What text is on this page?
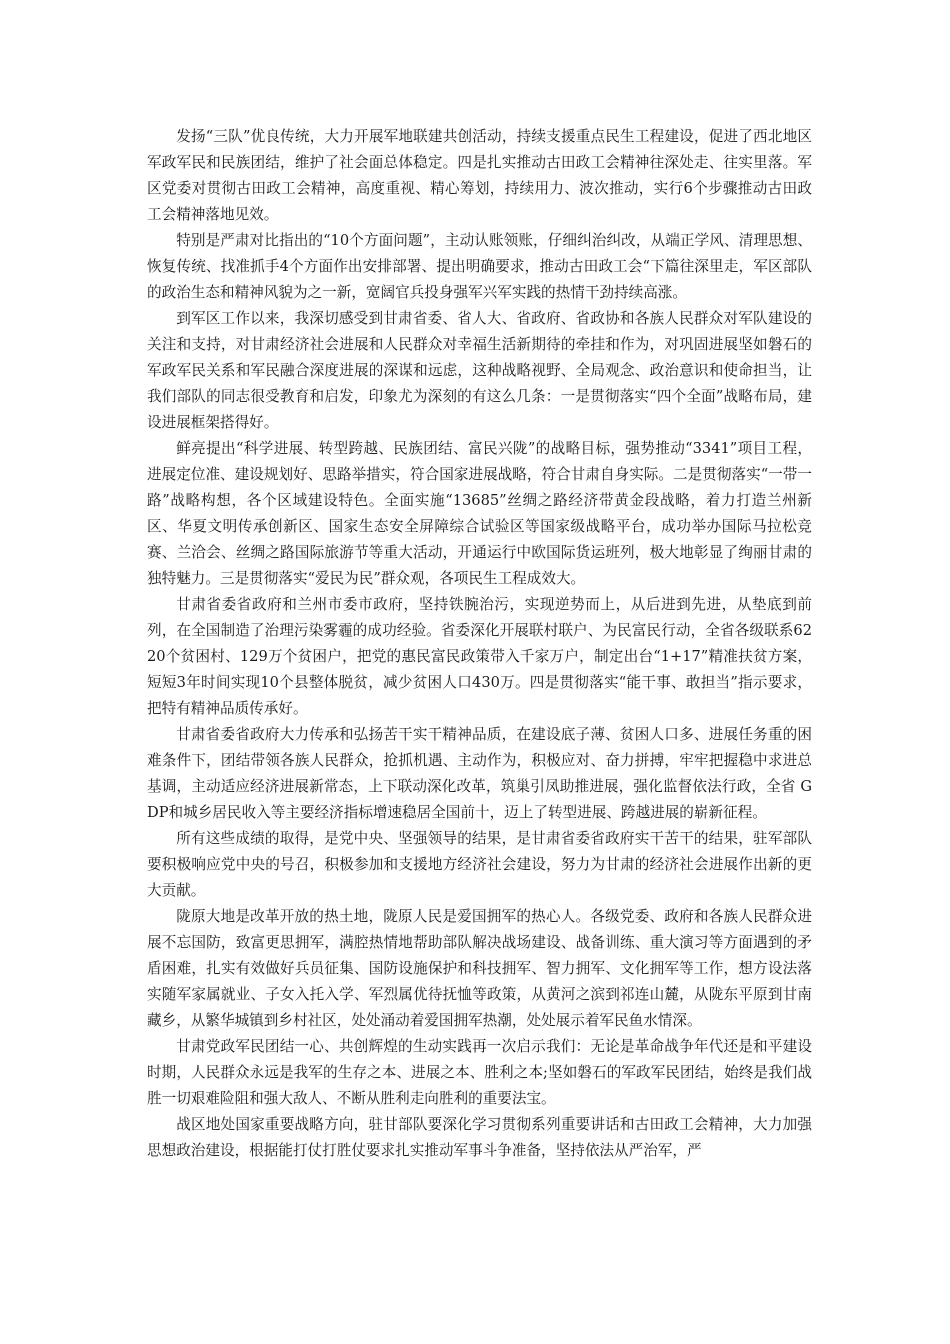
发扬“三队”优良传统，大力开展军地联建共创活动，持续支援重点民生工程建设，促进了西北地区军政军民和民族团结，维护了社会面总体稳定。四是扎实推动古田政工会精神往深处走、往实里落。军区党委对贯彻古田政工会精神，高度重视、精心筹划，持续用力、波次推动，实行6个步骤推动古田政工会精神落地见效。

特别是严肃对比指出的“10个方面问题”，主动认账领账，仔细纠治纠改，从端正学风、清理思想、恢复传统、找准抓手4个方面作出安排部署、提出明确要求，推动古田政工会“下篇往深里走，军区部队的政治生态和精神风貌为之一新，宽阔官兵投身强军兴军实践的热情干劲持续高涨。

到军区工作以来，我深切感受到甘肃省委、省人大、省政府、省政协和各族人民群众对军队建设的关注和支持，对甘肃经济社会进展和人民群众对幸福生活新期待的牵挂和作为，对巩固进展坚如磐石的军政军民关系和军民融合深度进展的深谋和远虑，这种战略视野、全局观念、政治意识和使命担当，让我们部队的同志很受教育和启发，印象尤为深刻的有这么几条：一是贯彻落实“四个全面”战略布局，建设进展框架搭得好。

鲜亮提出“科学进展、转型跨越、民族团结、富民兴陇”的战略目标，强势推动“3341”项目工程，进展定位准、建设规划好、思路举措实，符合国家进展战略，符合甘肃自身实际。二是贯彻落实“一带一路”战略构想，各个区域建设特色。全面实施“13685”丝绸之路经济带黄金段战略，着力打造兰州新区、华夏文明传承创新区、国家生态安全屏障综合试验区等国家级战略平台，成功举办国际马拉松竞赛、兰洽会、丝绸之路国际旅游节等重大活动，开通运行中欧国际货运班列，极大地彰显了绚丽甘肃的独特魅力。三是贯彻落实“爱民为民”群众观，各项民生工程成效大。

甘肃省委省政府和兰州市委市政府，坚持铁腕治污，实现逆势而上，从后进到先进，从垫底到前列，在全国制造了治理污染雾霾的成功经验。省委深化开展联村联户、为民富民行动，全省各级联系6220个贫困村、129万个贫困户，把党的惠民富民政策带入千家万户，制定出台“1+17”精准扶贫方案，短短3年时间实现10个县整体脱贫，减少贫困人口430万。四是贯彻落实“能干事、敢担当”指示要求，把特有精神品质传承好。

甘肃省委省政府大力传承和弘扬苦干实干精神品质，在建设底子薄、贫困人口多、进展任务重的困难条件下，团结带领各族人民群众，抢抓机遇、主动作为，积极应对、奋力拼搏，牢牢把握稳中求进总基调，主动适应经济进展新常态，上下联动深化改革，筑巢引凤助推进展，强化监督依法行政，全省 GDP和城乡居民收入等主要经济指标增速稳居全国前十，迈上了转型进展、跨越进展的崭新征程。

所有这些成绩的取得，是党中央、坚强领导的结果，是甘肃省委省政府实干苦干的结果，驻军部队要积极响应党中央的号召，积极参加和支援地方经济社会建设，努力为甘肃的经济社会进展作出新的更大贡献。

陇原大地是改革开放的热土地，陇原人民是爱国拥军的热心人。各级党委、政府和各族人民群众进展不忘国防，致富更思拥军，满腔热情地帮助部队解决战场建设、战备训练、重大演习等方面遇到的矛盾困难，扎实有效做好兵员征集、国防设施保护和科技拥军、智力拥军、文化拥军等工作，想方设法落实随军家属就业、子女入托入学、军烈属优待抚恤等政策，从黄河之滨到祁连山麓，从陇东平原到甘南藏乡，从繁华城镇到乡村社区，处处涌动着爱国拥军热潮，处处展示着军民鱼水情深。

甘肃党政军民团结一心、共创辉煌的生动实践再一次启示我们：无论是革命战争年代还是和平建设时期，人民群众永远是我军的生存之本、进展之本、胜利之本;坚如磐石的军政军民团结，始终是我们战胜一切艰难险阻和强大敌人、不断从胜利走向胜利的重要法宝。

战区地处国家重要战略方向，驻甘部队要深化学习贯彻系列重要讲话和古田政工会精神，大力加强思想政治建设，根据能打仗打胜仗要求扎实推动军事斗争准备，坚持依法从严治军，严
